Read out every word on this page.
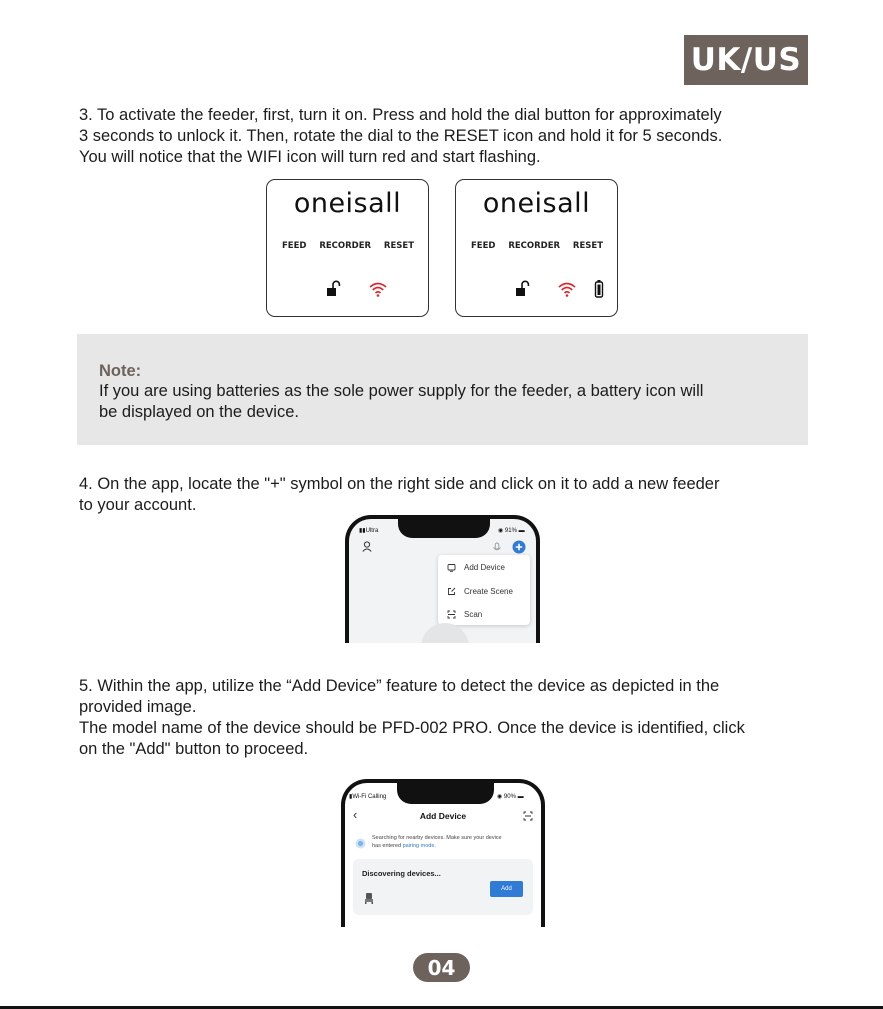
UK/US
3. To activate the feeder, first, turn it on. Press and hold the dial button for approximately
3 seconds to unlock it. Then, rotate the dial to the RESET icon and hold it for 5 seconds.
You will notice that the WIFI icon will turn red and start flashing.
oneisall
FEED RECORDER RESET
oneisall
FEED RECORDER RESET
Note:
If you are using batteries as the sole power supply for the feeder, a battery icon will
be displayed on the device.
4. On the app, locate the "+" symbol on the right side and click on it to add a new feeder
to your account.
▮▮Ultra	◉ 91% ▬
Add Device
Create Scene
Scan
5. Within the app, utilize the “Add Device” feature to detect the device as depicted in the
provided image.
The model name of the device should be PFD-002 PRO. Once the device is identified, click
on the "Add" button to proceed.
▮Wi-Fi Calling	◉ 90% ▬
‹	Add Device
Searching for nearby devices. Make sure your device
has entered pairing mode.
Discovering devices...
Add
04
